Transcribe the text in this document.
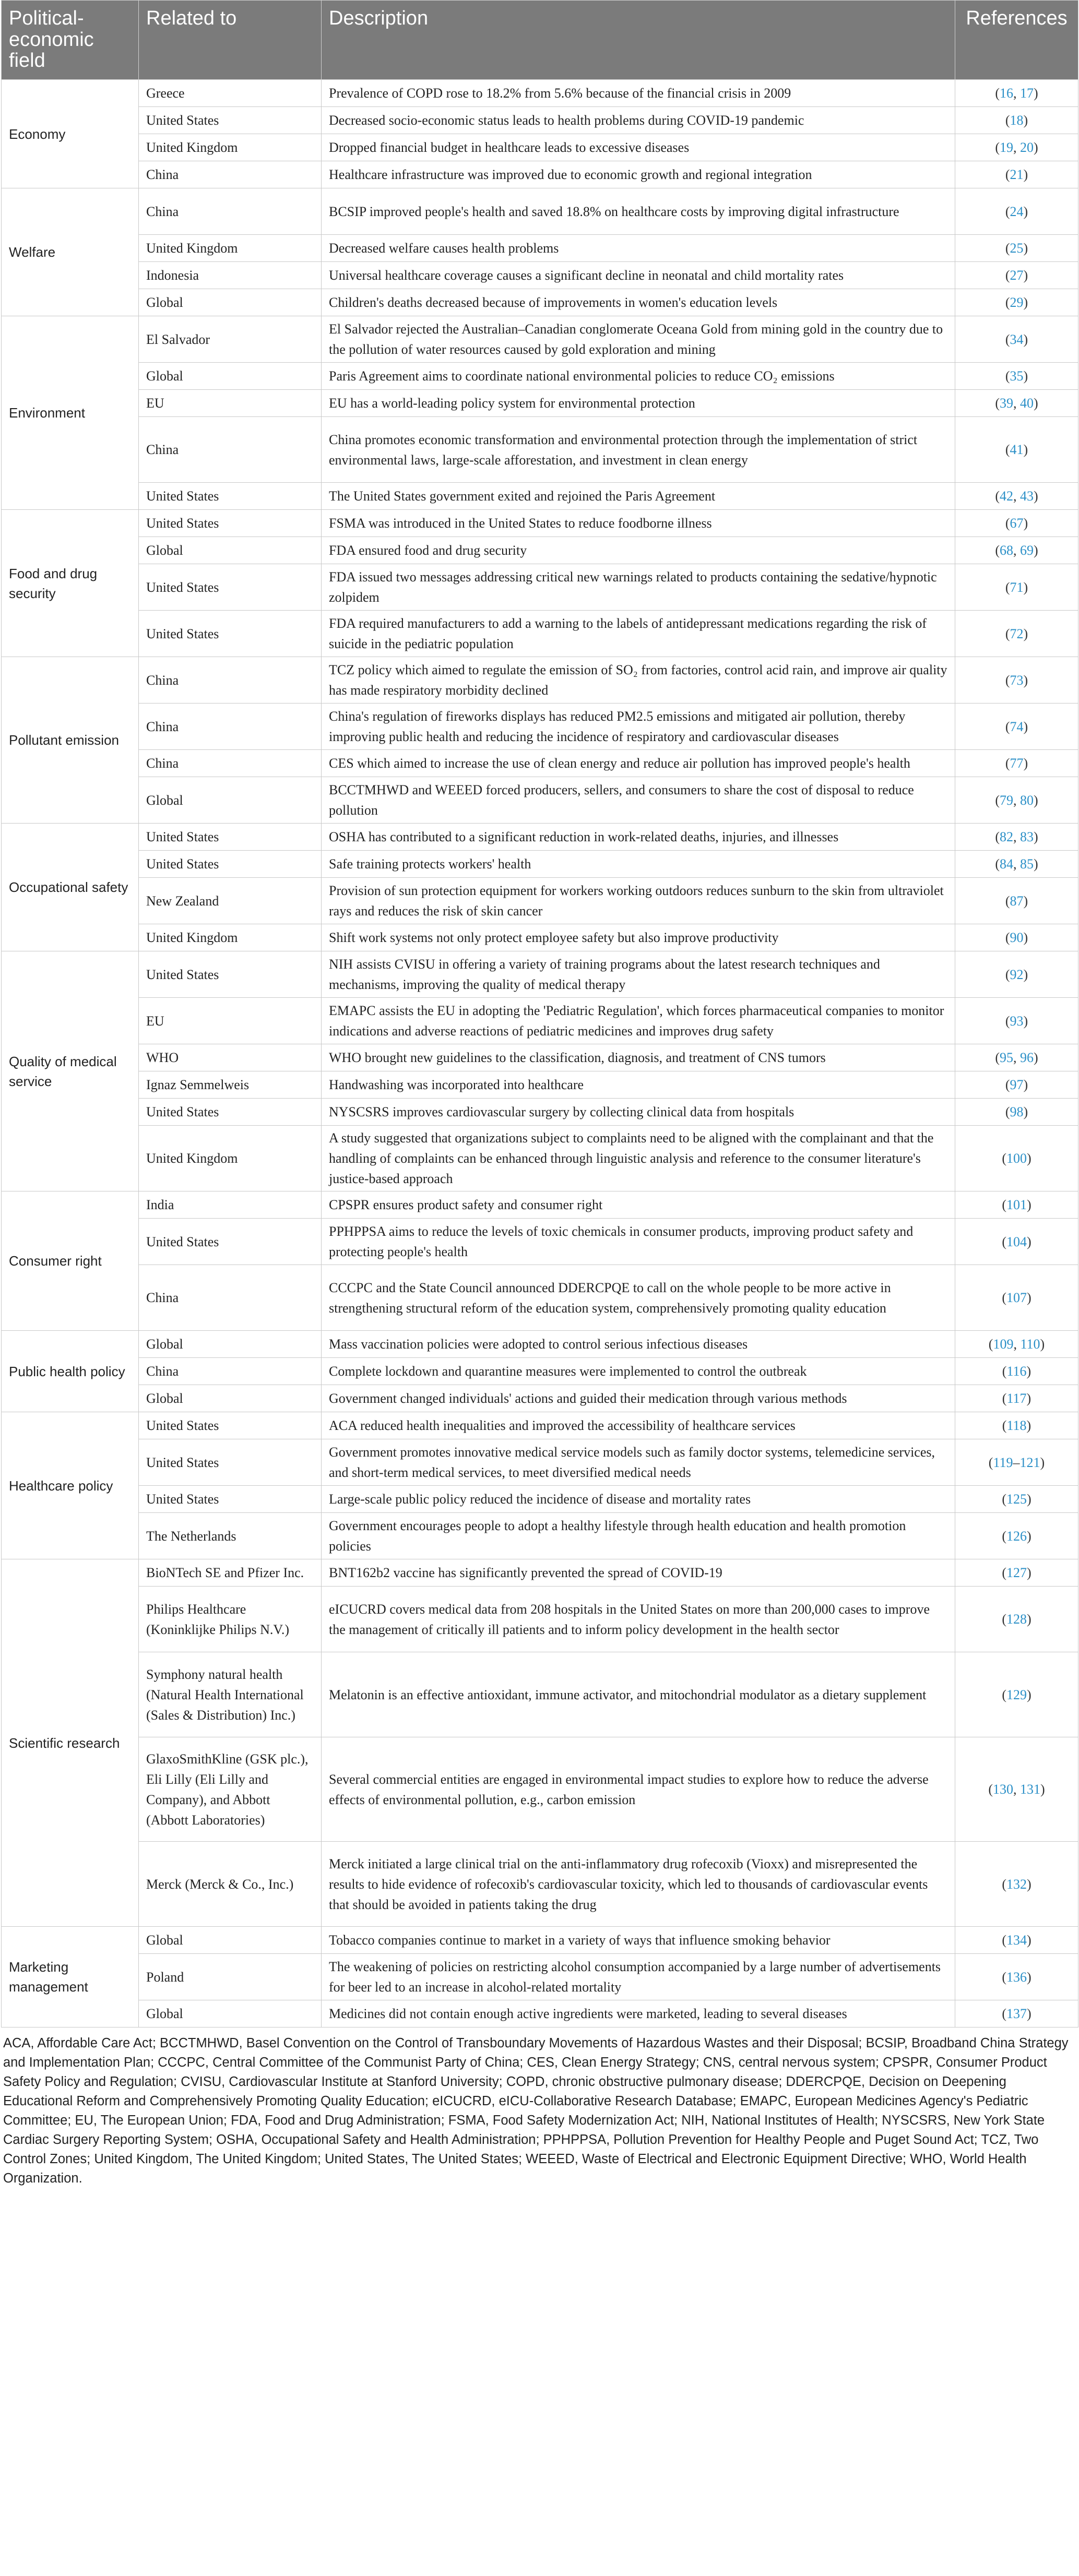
Political-economic field	Related to	Description	References
Economy	Greece	Prevalence of COPD rose to 18.2% from 5.6% because of the financial crisis in 2009	(16, 17)
	United States	Decreased socio-economic status leads to health problems during COVID-19 pandemic	(18)
	United Kingdom	Dropped financial budget in healthcare leads to excessive diseases	(19, 20)
	China	Healthcare infrastructure was improved due to economic growth and regional integration	(21)
Welfare	China	BCSIP improved people's health and saved 18.8% on healthcare costs by improving digital infrastructure	(24)
	United Kingdom	Decreased welfare causes health problems	(25)
	Indonesia	Universal healthcare coverage causes a significant decline in neonatal and child mortality rates	(27)
	Global	Children's deaths decreased because of improvements in women's education levels	(29)
Environment	El Salvador	El Salvador rejected the Australian–Canadian conglomerate Oceana Gold from mining gold in the country due to the pollution of water resources caused by gold exploration and mining	(34)
	Global	Paris Agreement aims to coordinate national environmental policies to reduce CO₂ emissions	(35)
	EU	EU has a world-leading policy system for environmental protection	(39, 40)
	China	China promotes economic transformation and environmental protection through the implementation of strict environmental laws, large-scale afforestation, and investment in clean energy	(41)
	United States	The United States government exited and rejoined the Paris Agreement	(42, 43)
Food and drug security	United States	FSMA was introduced in the United States to reduce foodborne illness	(67)
	Global	FDA ensured food and drug security	(68, 69)
	United States	FDA issued two messages addressing critical new warnings related to products containing the sedative/hypnotic zolpidem	(71)
	United States	FDA required manufacturers to add a warning to the labels of antidepressant medications regarding the risk of suicide in the pediatric population	(72)
Pollutant emission	China	TCZ policy which aimed to regulate the emission of SO₂ from factories, control acid rain, and improve air quality has made respiratory morbidity declined	(73)
	China	China's regulation of fireworks displays has reduced PM2.5 emissions and mitigated air pollution, thereby improving public health and reducing the incidence of respiratory and cardiovascular diseases	(74)
	China	CES which aimed to increase the use of clean energy and reduce air pollution has improved people's health	(77)
	Global	BCCTMHWD and WEEED forced producers, sellers, and consumers to share the cost of disposal to reduce pollution	(79, 80)
Occupational safety	United States	OSHA has contributed to a significant reduction in work-related deaths, injuries, and illnesses	(82, 83)
	United States	Safe training protects workers' health	(84, 85)
	New Zealand	Provision of sun protection equipment for workers working outdoors reduces sunburn to the skin from ultraviolet rays and reduces the risk of skin cancer	(87)
	United Kingdom	Shift work systems not only protect employee safety but also improve productivity	(90)
Quality of medical service	United States	NIH assists CVISU in offering a variety of training programs about the latest research techniques and mechanisms, improving the quality of medical therapy	(92)
	EU	EMAPC assists the EU in adopting the 'Pediatric Regulation', which forces pharmaceutical companies to monitor indications and adverse reactions of pediatric medicines and improves drug safety	(93)
	WHO	WHO brought new guidelines to the classification, diagnosis, and treatment of CNS tumors	(95, 96)
	Ignaz Semmelweis	Handwashing was incorporated into healthcare	(97)
	United States	NYSCSRS improves cardiovascular surgery by collecting clinical data from hospitals	(98)
	United Kingdom	A study suggested that organizations subject to complaints need to be aligned with the complainant and that the handling of complaints can be enhanced through linguistic analysis and reference to the consumer literature's justice-based approach	(100)
Consumer right	India	CPSPR ensures product safety and consumer right	(101)
	United States	PPHPPSA aims to reduce the levels of toxic chemicals in consumer products, improving product safety and protecting people's health	(104)
	China	CCCPC and the State Council announced DDERCPQE to call on the whole people to be more active in strengthening structural reform of the education system, comprehensively promoting quality education	(107)
Public health policy	Global	Mass vaccination policies were adopted to control serious infectious diseases	(109, 110)
	China	Complete lockdown and quarantine measures were implemented to control the outbreak	(116)
	Global	Government changed individuals' actions and guided their medication through various methods	(117)
Healthcare policy	United States	ACA reduced health inequalities and improved the accessibility of healthcare services	(118)
	United States	Government promotes innovative medical service models such as family doctor systems, telemedicine services, and short-term medical services, to meet diversified medical needs	(119–121)
	United States	Large-scale public policy reduced the incidence of disease and mortality rates	(125)
	The Netherlands	Government encourages people to adopt a healthy lifestyle through health education and health promotion policies	(126)
Scientific research	BioNTech SE and Pfizer Inc.	BNT162b2 vaccine has significantly prevented the spread of COVID-19	(127)
	Philips Healthcare (Koninklijke Philips N.V.)	eICUCRD covers medical data from 208 hospitals in the United States on more than 200,000 cases to improve the management of critically ill patients and to inform policy development in the health sector	(128)
	Symphony natural health (Natural Health International (Sales & Distribution) Inc.)	Melatonin is an effective antioxidant, immune activator, and mitochondrial modulator as a dietary supplement	(129)
	GlaxoSmithKline (GSK plc.), Eli Lilly (Eli Lilly and Company), and Abbott (Abbott Laboratories)	Several commercial entities are engaged in environmental impact studies to explore how to reduce the adverse effects of environmental pollution, e.g., carbon emission	(130, 131)
	Merck (Merck & Co., Inc.)	Merck initiated a large clinical trial on the anti-inflammatory drug rofecoxib (Vioxx) and misrepresented the results to hide evidence of rofecoxib's cardiovascular toxicity, which led to thousands of cardiovascular events that should be avoided in patients taking the drug	(132)
Marketing management	Global	Tobacco companies continue to market in a variety of ways that influence smoking behavior	(134)
	Poland	The weakening of policies on restricting alcohol consumption accompanied by a large number of advertisements for beer led to an increase in alcohol-related mortality	(136)
	Global	Medicines did not contain enough active ingredients were marketed, leading to several diseases	(137)
ACA, Affordable Care Act; BCCTMHWD, Basel Convention on the Control of Transboundary Movements of Hazardous Wastes and their Disposal; BCSIP, Broadband China Strategy and Implementation Plan; CCCPC, Central Committee of the Communist Party of China; CES, Clean Energy Strategy; CNS, central nervous system; CPSPR, Consumer Product Safety Policy and Regulation; CVISU, Cardiovascular Institute at Stanford University; COPD, chronic obstructive pulmonary disease; DDERCPQE, Decision on Deepening Educational Reform and Comprehensively Promoting Quality Education; eICUCRD, eICU-Collaborative Research Database; EMAPC, European Medicines Agency's Pediatric Committee; EU, The European Union; FDA, Food and Drug Administration; FSMA, Food Safety Modernization Act; NIH, National Institutes of Health; NYSCSRS, New York State Cardiac Surgery Reporting System; OSHA, Occupational Safety and Health Administration; PPHPPSA, Pollution Prevention for Healthy People and Puget Sound Act; TCZ, Two Control Zones; United Kingdom, The United Kingdom; United States, The United States; WEEED, Waste of Electrical and Electronic Equipment Directive; WHO, World Health Organization.
